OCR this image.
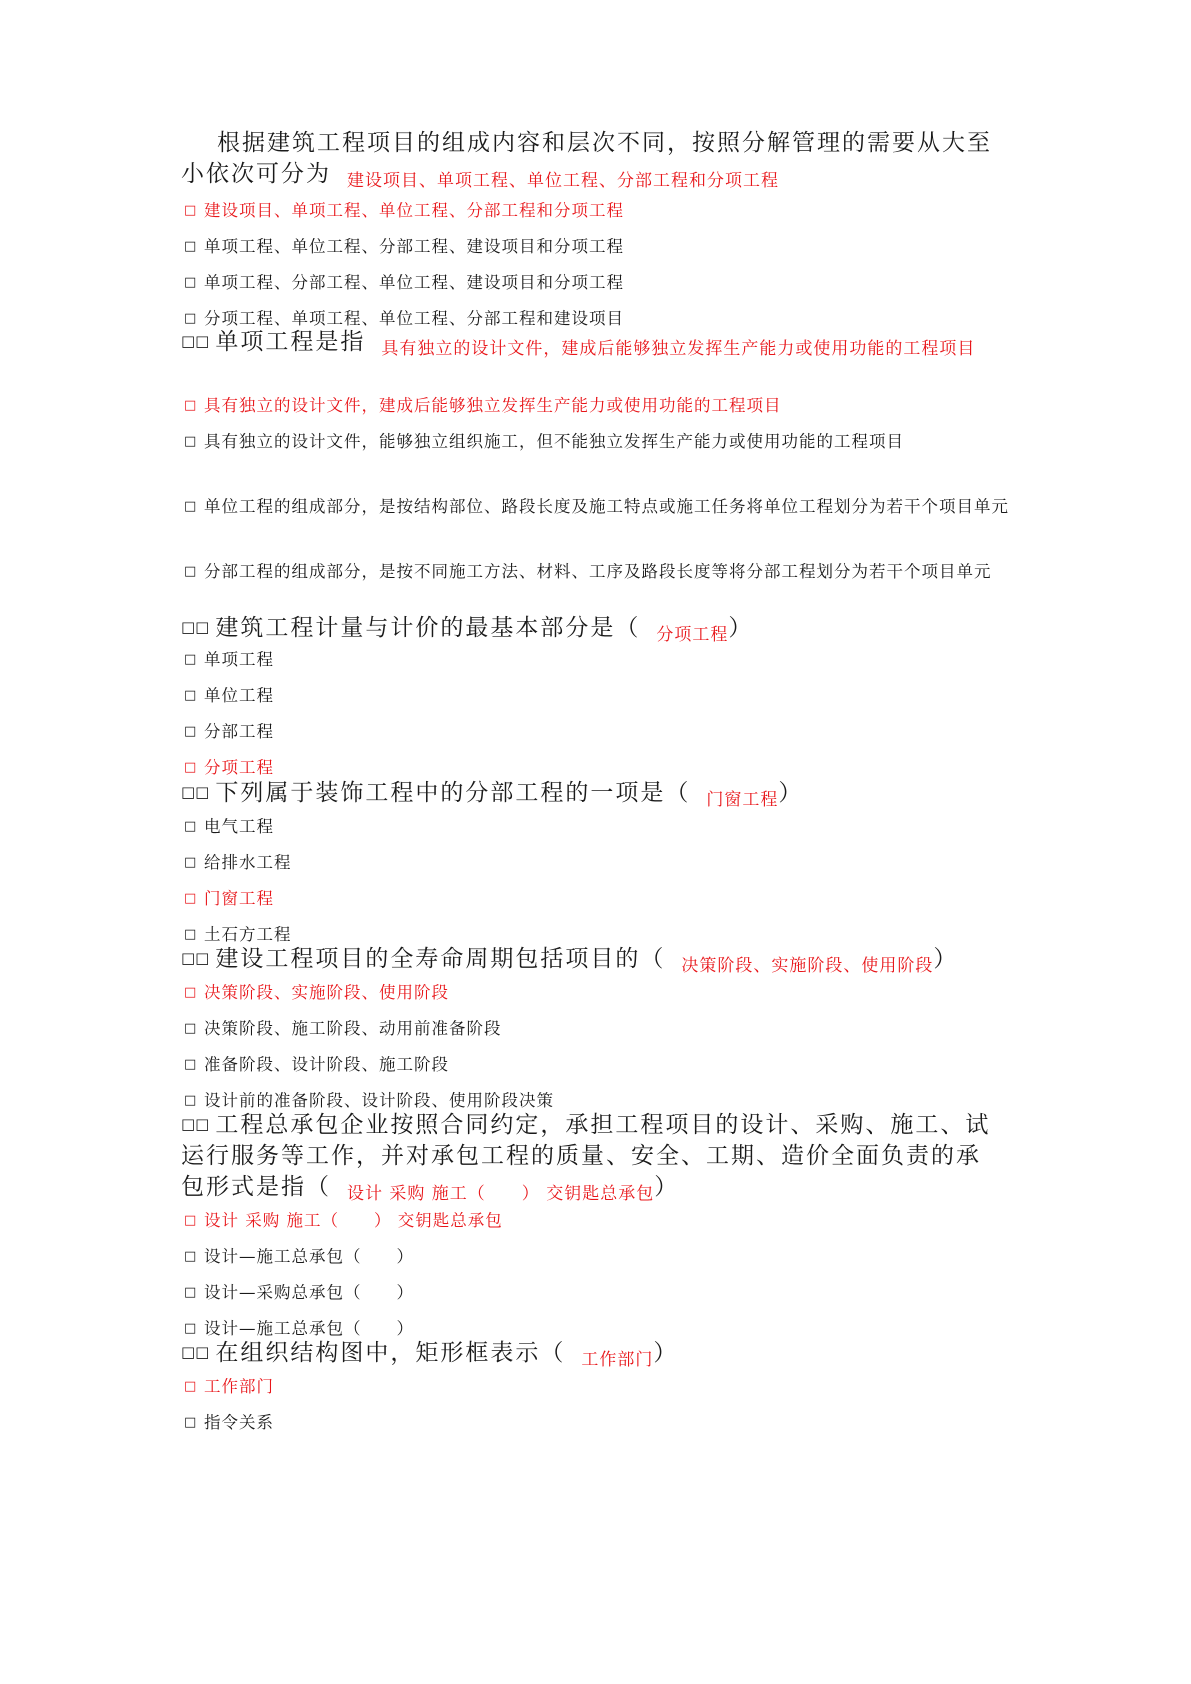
根据建筑工程项目的组成内容和层次不同，按照分解管理的需要从大至
小依次可分为 $_{建设项目、单项工程、单位工程、分部工程和分项工程}$
□ 建设项目、单项工程、单位工程、分部工程和分项工程
□ 单项工程、单位工程、分部工程、建设项目和分项工程
□ 单项工程、分部工程、单位工程、建设项目和分项工程
□ 分项工程、单项工程、单位工程、分部工程和建设项目
□□ 单项工程是指 $_{具有独立的设计文件,建成后能够独立发挥生产能力或使用功能的工程项目}$
□ 具有独立的设计文件，建成后能够独立发挥生产能力或使用功能的工程项目
□ 具有独立的设计文件，能够独立组织施工，但不能独立发挥生产能力或使用功能的工程项目
□ 单位工程的组成部分，是按结构部位、路段长度及施工特点或施工任务将单位工程划分为若干个项目单元
□ 分部工程的组成部分，是按不同施工方法、材料、工序及路段长度等将分部工程划分为若干个项目单元
□□ 建筑工程计量与计价的最基本部分是（ $_{分项工程}$）
□ 单项工程
□ 单位工程
□ 分部工程
□ 分项工程
□□ 下列属于装饰工程中的分部工程的一项是（ $_{门窗工程}$）
□ 电气工程
□ 给排水工程
□ 门窗工程
□ 土石方工程
□□ 建设工程项目的全寿命周期包括项目的（ $_{决策阶段、实施阶段、使用阶段}$）
□ 决策阶段、实施阶段、使用阶段
□ 决策阶段、施工阶段、动用前准备阶段
□ 准备阶段、设计阶段、施工阶段
□ 设计前的准备阶段、设计阶段、使用阶段决策
□□ 工程总承包企业按照合同约定，承担工程项目的设计、采购、施工、试
运行服务等工作，并对承包工程的质量、安全、工期、造价全面负责的承
包形式是指（ $_{设计 采购 施工( ) 交钥匙总承包}$）
□ 设计 采购 施工（　　） 交钥匙总承包
□ 设计—施工总承包（　　）
□ 设计—采购总承包（　　）
□ 设计—施工总承包（　　）
□□ 在组织结构图中，矩形框表示（ $_{工作部门}$）
□ 工作部门
□ 指令关系
